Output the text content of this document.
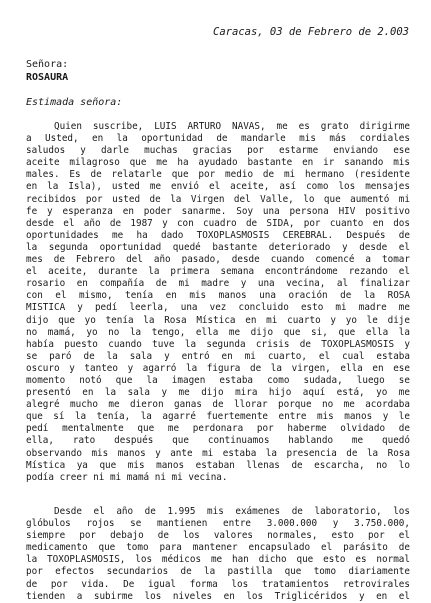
Caracas, 03 de Febrero de 2.003
Señora:
ROSAURA
Estimada señora:
Quien suscribe, LUIS ARTURO NAVAS, me es grato dirigirme
a Usted, en la oportunidad de mandarle mis más cordiales
saludos y darle muchas gracias por estarme enviando ese
aceite milagroso que me ha ayudado bastante en ir sanando mis
males. Es de relatarle que por medio de mi hermano (residente
en la Isla), usted me envió el aceite, así como los mensajes
recibidos por usted de la Virgen del Valle, lo que aumentó mi
fe y esperanza en poder sanarme. Soy una persona HIV positivo
desde el año de 1987 y con cuadro de SIDA, por cuanto en dos
oportunidades me ha dado TOXOPLASMOSIS CEREBRAL. Después de
la segunda oportunidad quedé bastante deteriorado y desde el
mes de Febrero del año pasado, desde cuando comencé a tomar
el aceite, durante la primera semana encontrándome rezando el
rosario en compañía de mi madre y una vecina, al finalizar
con el mismo, tenía en mis manos una oración de la ROSA
MISTICA y pedí leerla, una vez concluido esto mi madre me
dijo que yo tenía la Rosa Mística en mi cuarto y yo le dije
no mamá, yo no la tengo, ella me dijo que si, que ella la
había puesto cuando tuve la segunda crisis de TOXOPLASMOSIS y
se paró de la sala y entró en mi cuarto, el cual estaba
oscuro y tanteo y agarró la figura de la virgen, ella en ese
momento notó que la imagen estaba como sudada, luego se
presentó en la sala y me dijo mira hijo aquí está, yo me
alegré mucho me dieron ganas de llorar porque no me acordaba
que sí la tenía, la agarré fuertemente entre mis manos y le
pedí mentalmente que me perdonara por haberme olvidado de
ella, rato después que continuamos hablando me quedó
observando mis manos y ante mi estaba la presencia de la Rosa
Mística ya que mis manos estaban llenas de escarcha, no lo
podía creer ni mi mamá ni mi vecina.
Desde el año de 1.995 mis exámenes de laboratorio, los
glóbulos rojos se mantienen entre 3.000.000 y 3.750.000,
siempre por debajo de los valores normales, esto por el
medicamento que tomo para mantener encapsulado el parásito de
la TOXOPLASMOSIS, los médicos me han dicho que esto es normal
por efectos secundarios de la pastilla que tomo diariamente
de por vida. De igual forma los tratamientos retrovirales
tienden a subirme los niveles en los Triglicéridos y en el
